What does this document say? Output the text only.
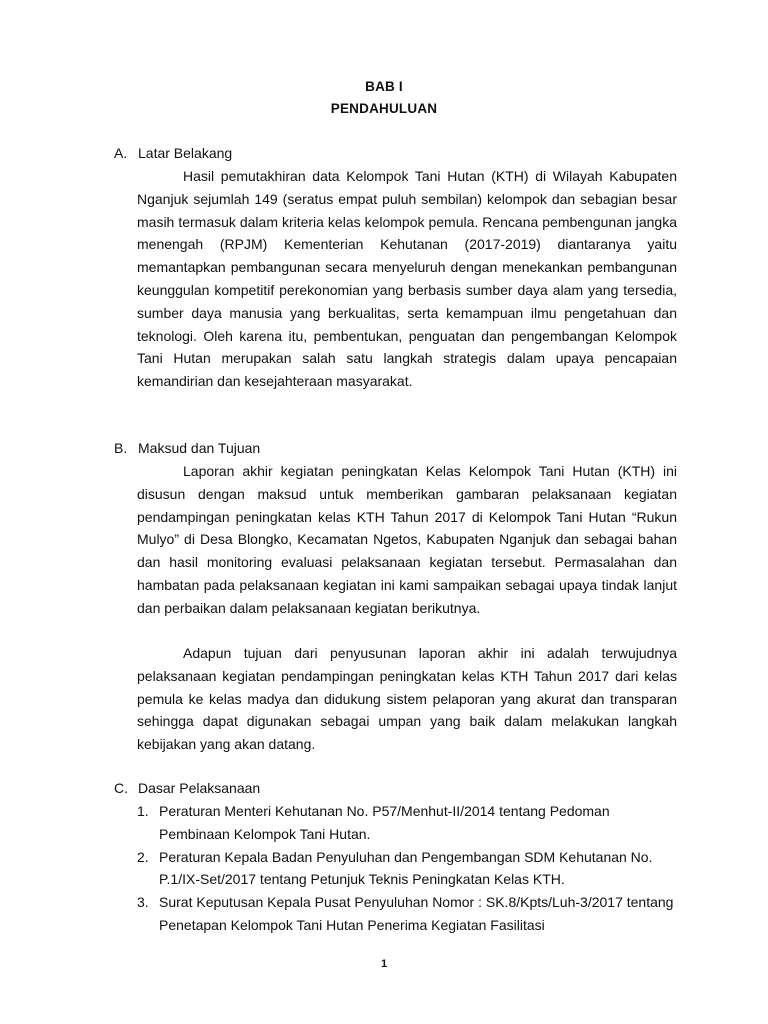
BAB I
PENDAHULUAN
A. Latar Belakang

Hasil pemutakhiran data Kelompok Tani Hutan (KTH) di Wilayah Kabupaten Nganjuk sejumlah 149 (seratus empat puluh sembilan) kelompok dan sebagian besar masih termasuk dalam kriteria kelas kelompok pemula. Rencana pembengunan jangka menengah (RPJM) Kementerian Kehutanan (2017-2019) diantaranya yaitu memantapkan pembangunan secara menyeluruh dengan menekankan pembangunan keunggulan kompetitif perekonomian yang berbasis sumber daya alam yang tersedia, sumber daya manusia yang berkualitas, serta kemampuan ilmu pengetahuan dan teknologi. Oleh karena itu, pembentukan, penguatan dan pengembangan Kelompok Tani Hutan merupakan salah satu langkah strategis dalam upaya pencapaian kemandirian dan kesejahteraan masyarakat.

B. Maksud dan Tujuan

Laporan akhir kegiatan peningkatan Kelas Kelompok Tani Hutan (KTH) ini disusun dengan maksud untuk memberikan gambaran pelaksanaan kegiatan pendampingan peningkatan kelas KTH Tahun 2017 di Kelompok Tani Hutan “Rukun Mulyo” di Desa Blongko, Kecamatan Ngetos, Kabupaten Nganjuk dan sebagai bahan dan hasil monitoring evaluasi pelaksanaan kegiatan tersebut. Permasalahan dan hambatan pada pelaksanaan kegiatan ini kami sampaikan sebagai upaya tindak lanjut dan perbaikan dalam pelaksanaan kegiatan berikutnya.

Adapun tujuan dari penyusunan laporan akhir ini adalah terwujudnya pelaksanaan kegiatan pendampingan peningkatan kelas KTH Tahun 2017 dari kelas pemula ke kelas madya dan didukung sistem pelaporan yang akurat dan transparan sehingga dapat digunakan sebagai umpan yang baik dalam melakukan langkah kebijakan yang akan datang.

C. Dasar Pelaksanaan
1. Peraturan Menteri Kehutanan No. P57/Menhut-II/2014 tentang Pedoman Pembinaan Kelompok Tani Hutan.
2. Peraturan Kepala Badan Penyuluhan dan Pengembangan SDM Kehutanan No. P.1/IX-Set/2017 tentang Petunjuk Teknis Peningkatan Kelas KTH.
3. Surat Keputusan Kepala Pusat Penyuluhan Nomor : SK.8/Kpts/Luh-3/2017 tentang Penetapan Kelompok Tani Hutan Penerima Kegiatan Fasilitasi
1
